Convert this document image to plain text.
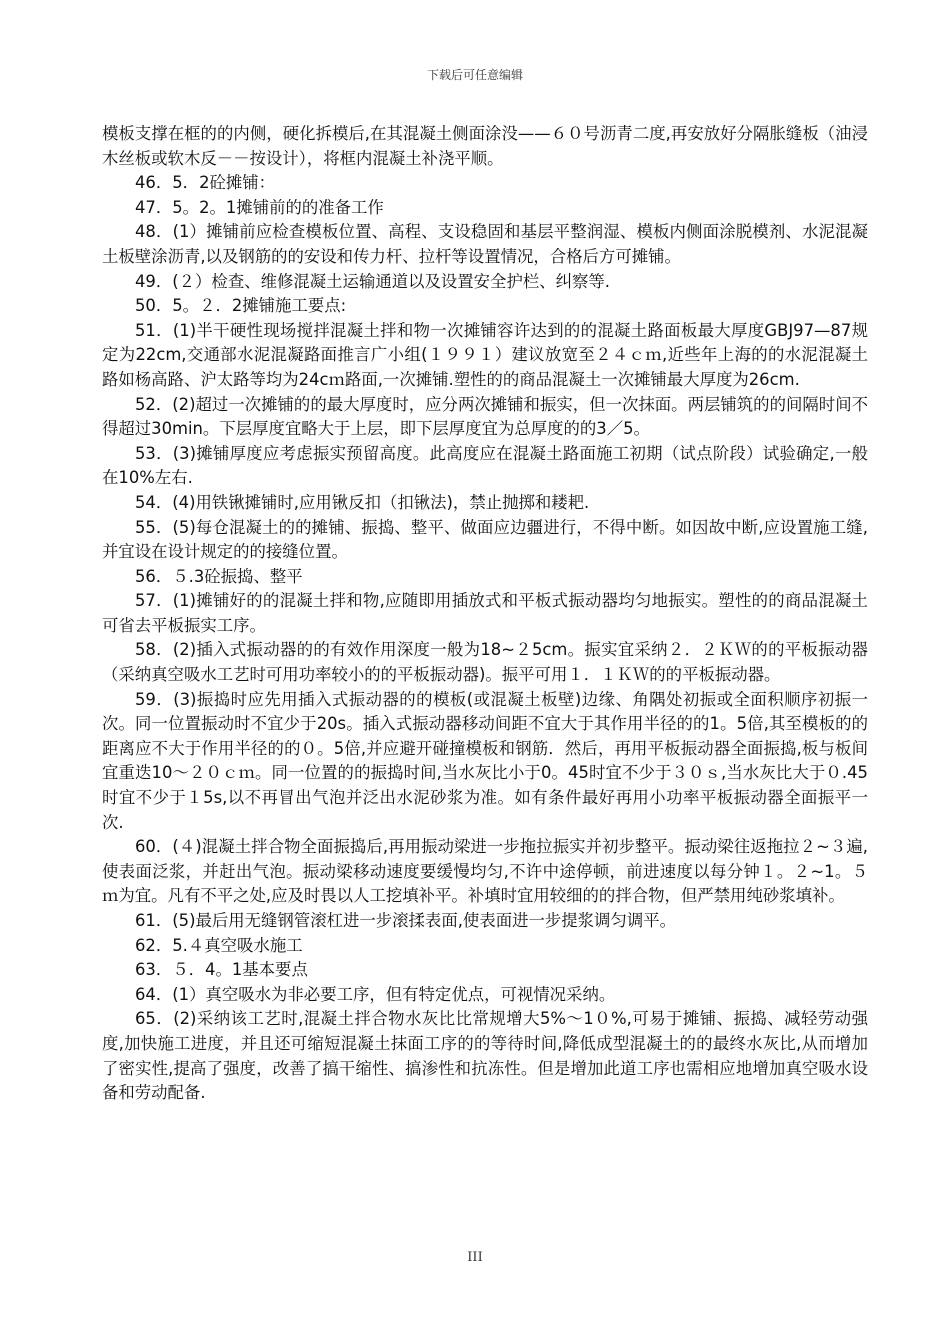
下载后可任意编辑

模板支撑在框的的内侧，硬化拆模后,在其混凝土侧面涂没——６０号沥青二度,再安放好分隔胀缝板（油浸木丝板或软木反－－按设计），将框内混凝土补浇平顺。

46．5．2砼摊铺：

47．5。2。1摊铺前的的准备工作

48．(1）摊铺前应检查模板位置、高程、支设稳固和基层平整润湿、模板内侧面涂脱模剂、水泥混凝土板壁涂沥青,以及钢筋的的安设和传力杆、拉杆等设置情况，合格后方可摊铺。

49．(２）检查、维修混凝土运输通道以及设置安全护栏、纠察等.

50．5。２．2摊铺施工要点:

51．(1)半干硬性现场搅拌混凝土拌和物一次摊铺容许达到的的混凝土路面板最大厚度GBJ97—87规定为22cm,交通部水泥混凝路面推言广小组(１９９１）建议放宽至２４ｃｍ,近些年上海的的水泥混凝土路如杨高路、沪太路等均为24cｍ路面,一次摊铺.塑性的的商品混凝土一次摊铺最大厚度为26cm.

52．(2)超过一次摊铺的的最大厚度时，应分两次摊铺和振实，但一次抹面。两层铺筑的的间隔时间不得超过30min。下层厚度宜略大于上层，即下层厚度宜为总厚度的的3／5。

53．(3)摊铺厚度应考虑振实预留高度。此高度应在混凝土路面施工初期（试点阶段）试验确定,一般在10%左右.

54．(4)用铁锹摊铺时,应用锹反扣（扣锹法)，禁止抛掷和耧耙.

55．(5)每仓混凝土的的摊铺、振捣、整平、做面应边疆进行，不得中断。如因故中断,应设置施工缝,并宜设在设计规定的的接缝位置。

56．５.3砼振捣、整平

57．(1)摊铺好的的混凝土拌和物,应随即用插放式和平板式振动器均匀地振实。塑性的的商品混凝土可省去平板振实工序。

58．(2)插入式振动器的的有效作用深度一般为18~２5cm。振实宜采纳２．２ＫＷ的的平板振动器（采纳真空吸水工艺时可用功率较小的的平板振动器)。振平可用１．１ＫＷ的的平板振动器。

59．(3)振捣时应先用插入式振动器的的模板(或混凝土板壁)边缘、角隅处初振或全面积顺序初振一次。同一位置振动时不宜少于20s。插入式振动器移动间距不宜大于其作用半径的的1。5倍,其至模板的的距离应不大于作用半径的的０。5倍,并应避开碰撞模板和钢筋．然后，再用平板振动器全面振捣,板与板间宜重迭10～２０ｃｍ。同一位置的的振捣时间,当水灰比小于0。45时宜不少于３０ｓ,当水灰比大于０.45时宜不少于１5s,以不再冒出气泡并泛出水泥砂浆为准。如有条件最好再用小功率平板振动器全面振平一次.

60．(４)混凝土拌合物全面振捣后,再用振动梁进一步拖拉振实并初步整平。振动梁往返拖拉２~３遍,使表面泛浆，并赶出气泡。振动梁移动速度要缓慢均匀,不许中途停顿，前进速度以每分钟１。２~1。５ｍ为宜。凡有不平之处,应及时畏以人工挖填补平。补填时宜用较细的的拌合物，但严禁用纯砂浆填补。

61．(5)最后用无缝钢管滚杠进一步滚揉表面,使表面进一步提浆调匀调平。

62．5.４真空吸水施工

63．５．4。1基本要点

64．(1）真空吸水为非必要工序，但有特定优点，可视情况采纳。

65．(2)采纳该工艺时,混凝土拌合物水灰比比常规增大5%～1０%,可易于摊铺、振捣、减轻劳动强度,加快施工进度，并且还可缩短混凝土抹面工序的的等待时间,降低成型混凝土的的最终水灰比,从而增加了密实性,提高了强度，改善了搞干缩性、搞渗性和抗冻性。但是增加此道工序也需相应地增加真空吸水设备和劳动配备.

III
